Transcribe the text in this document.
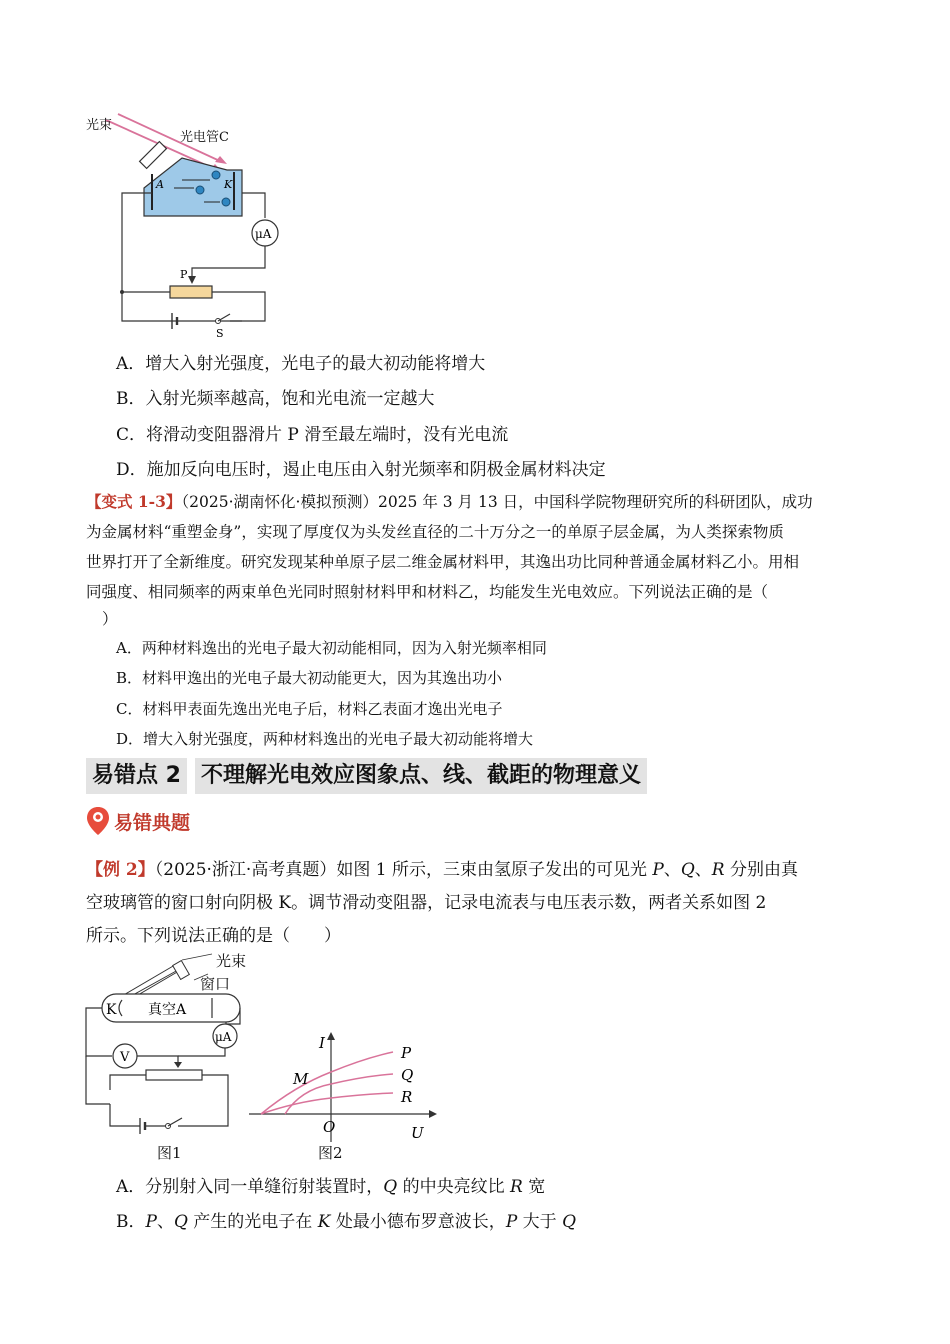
A	K
μA
P
S
光束
光电管C
A．增大入射光强度，光电子的最大初动能将增大
B．入射光频率越高，饱和光电流一定越大
C．将滑动变阻器滑片 P 滑至最左端时，没有光电流
D．施加反向电压时，遏止电压由入射光频率和阴极金属材料决定
【变式 1-3】（2025·湖南怀化·模拟预测）2025 年 3 月 13 日，中国科学院物理研究所的科研团队，成功
为金属材料“重塑金身”，实现了厚度仅为头发丝直径的二十万分之一的单原子层金属，为人类探索物质
世界打开了全新维度。研究发现某种单原子层二维金属材料甲，其逸出功比同种普通金属材料乙小。用相
同强度、相同频率的两束单色光同时照射材料甲和材料乙，均能发生光电效应。下列说法正确的是（
）
A．两种材料逸出的光电子最大初动能相同，因为入射光频率相同
B．材料甲逸出的光电子最大初动能更大，因为其逸出功小
C．材料甲表面先逸出光电子后，材料乙表面才逸出光电子
D．增大入射光强度，两种材料逸出的光电子最大初动能将增大
易错点 2 不理解光电效应图象点、线、截距的物理意义
易错典题
【例 2】（2025·浙江·高考真题）如图 1 所示，三束由氢原子发出的可见光 P、Q、R 分别由真
空玻璃管的窗口射向阴极 K。调节滑动变阻器，记录电流表与电压表示数，两者关系如图 2
所示。下列说法正确的是（　　）
K 真空A
μA
V
光束
窗口
图1
I
U
O
M
P
Q
R
图2
A．分别射入同一单缝衍射装置时，Q 的中央亮纹比 R 宽
B．P、Q 产生的光电子在 K 处最小德布罗意波长，P 大于 Q
